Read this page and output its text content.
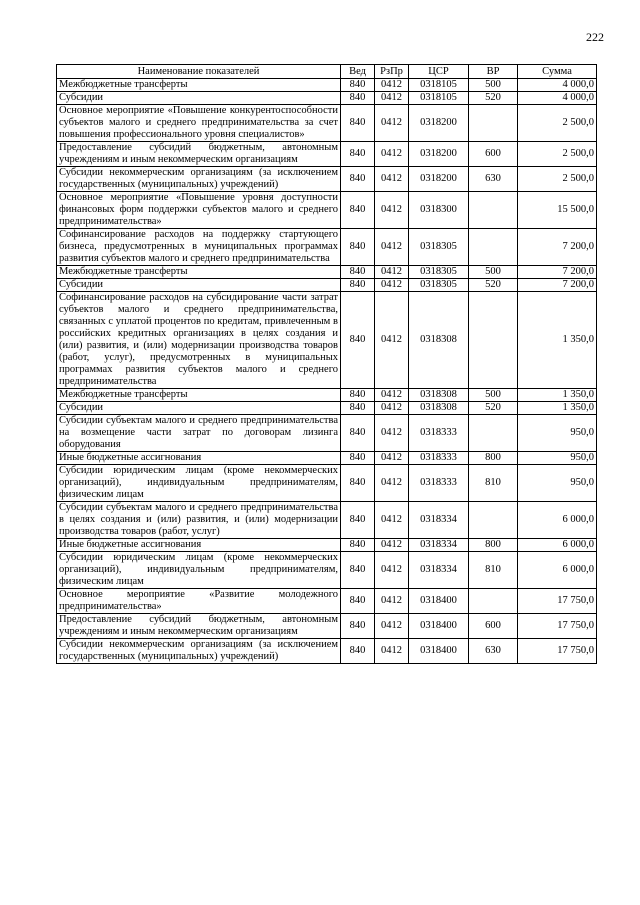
222
Наименование показателей	Вед	РзПр	ЦСР	ВР	Сумма
Межбюджетные трансферты	840	0412	0318105	500	4 000,0
Субсидии	840	0412	0318105	520	4 000,0
Основное мероприятие «Повышение конкурентоспособности субъектов малого и среднего предпринимательства за счет повышения профессионального уровня специалистов»	840	0412	0318200		2 500,0
Предоставление субсидий бюджетным, автономным учреждениям и иным некоммерческим организациям	840	0412	0318200	600	2 500,0
Субсидии некоммерческим организациям (за исключением государственных (муниципальных) учреждений)	840	0412	0318200	630	2 500,0
Основное мероприятие «Повышение уровня доступности финансовых форм поддержки субъектов малого и среднего предпринимательства»	840	0412	0318300		15 500,0
Софинансирование расходов на поддержку стартующего бизнеса, предусмотренных в муниципальных программах развития субъектов малого и среднего предпринимательства	840	0412	0318305		7 200,0
Межбюджетные трансферты	840	0412	0318305	500	7 200,0
Субсидии	840	0412	0318305	520	7 200,0
Софинансирование расходов на субсидирование части затрат субъектов малого и среднего предпринимательства, связанных с уплатой процентов по кредитам, привлеченным в российских кредитных организациях в целях создания и (или) развития, и (или) модернизации производства товаров (работ, услуг), предусмотренных в муниципальных программах развития субъектов малого и среднего предпринимательства	840	0412	0318308		1 350,0
Межбюджетные трансферты	840	0412	0318308	500	1 350,0
Субсидии	840	0412	0318308	520	1 350,0
Субсидии субъектам малого и среднего предпринимательства на возмещение части затрат по договорам лизинга оборудования	840	0412	0318333		950,0
Иные бюджетные ассигнования	840	0412	0318333	800	950,0
Субсидии юридическим лицам (кроме некоммерческих организаций), индивидуальным предпринимателям, физическим лицам	840	0412	0318333	810	950,0
Субсидии субъектам малого и среднего предпринимательства в целях создания и (или) развития, и (или) модернизации производства товаров (работ, услуг)	840	0412	0318334		6 000,0
Иные бюджетные ассигнования	840	0412	0318334	800	6 000,0
Субсидии юридическим лицам (кроме некоммерческих организаций), индивидуальным предпринимателям, физическим лицам	840	0412	0318334	810	6 000,0
Основное мероприятие «Развитие молодежного предпринимательства»	840	0412	0318400		17 750,0
Предоставление субсидий бюджетным, автономным учреждениям и иным некоммерческим организациям	840	0412	0318400	600	17 750,0
Субсидии некоммерческим организациям (за исключением государственных (муниципальных) учреждений)	840	0412	0318400	630	17 750,0
